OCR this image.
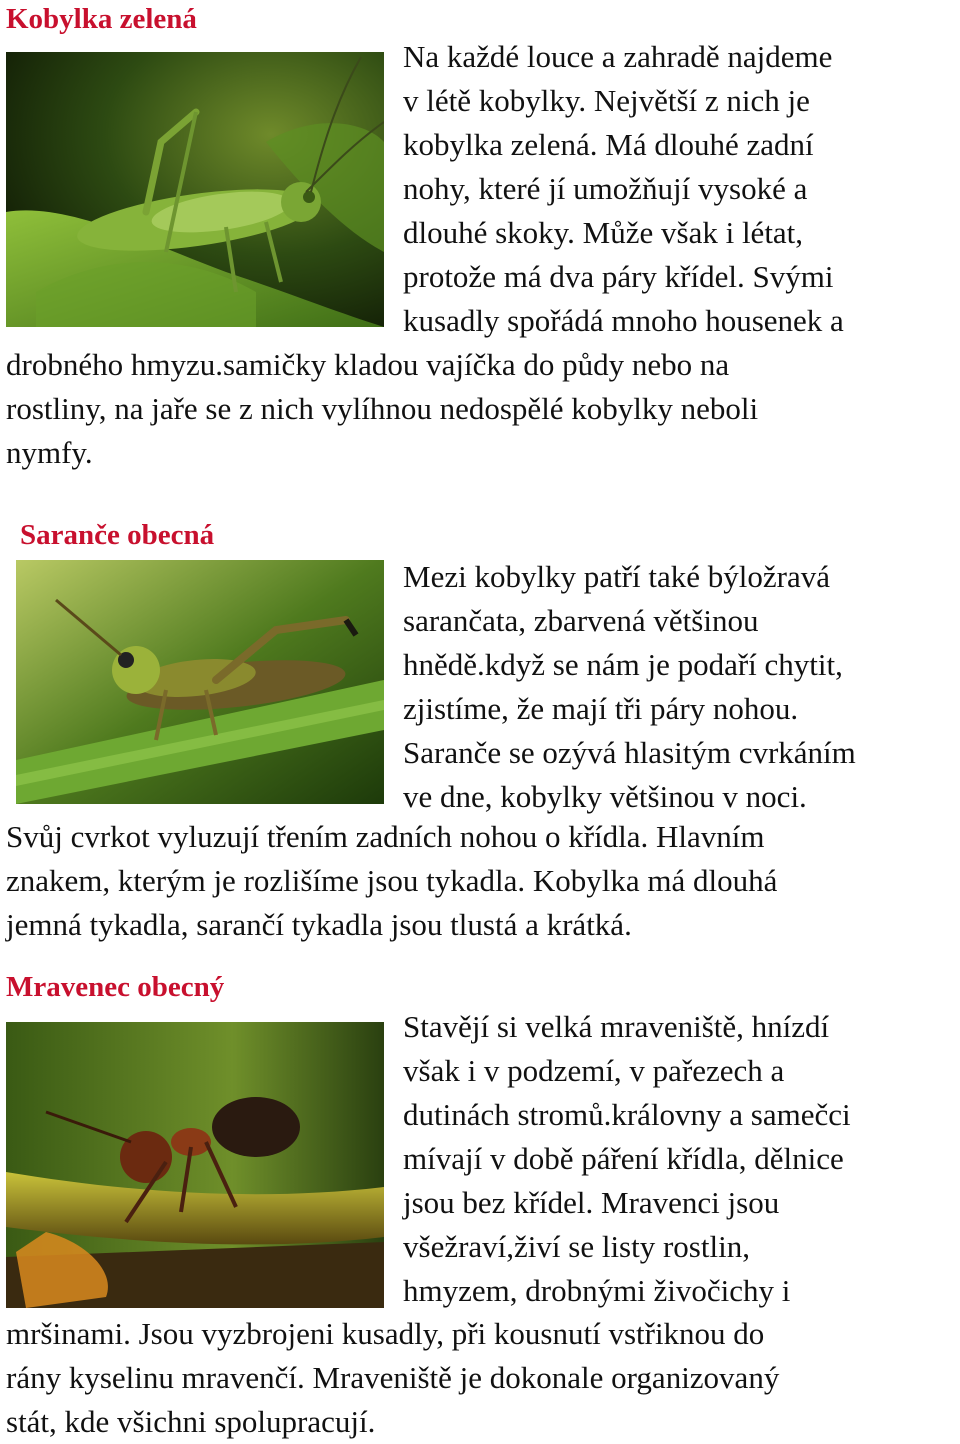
Kobylka zelená
Na každé louce a zahradě najdeme
v létě kobylky. Největší z nich je
kobylka zelená. Má dlouhé zadní
nohy, které jí umožňují vysoké a
dlouhé skoky. Může však i létat,
protože má dva páry křídel. Svými
kusadly spořádá mnoho housenek a
drobného hmyzu.samičky kladou vajíčka do půdy nebo na
rostliny, na jaře se z nich vylíhnou nedospělé kobylky neboli
nymfy.
Saranče obecná
Mezi kobylky patří také býložravá
sarančata, zbarvená většinou
hnědě.když se nám je podaří chytit,
zjistíme, že mají tři páry nohou.
Saranče se ozývá hlasitým cvrkáním
ve dne, kobylky většinou v noci.
Svůj cvrkot vyluzují třením zadních nohou o křídla. Hlavním
znakem, kterým je rozlišíme jsou tykadla. Kobylka má dlouhá
jemná tykadla, sarančí tykadla jsou tlustá a krátká.
Mravenec obecný
Stavějí si velká mraveniště, hnízdí
však i v podzemí, v pařezech a
dutinách stromů.královny a samečci
mívají v době páření křídla, dělnice
jsou bez křídel. Mravenci jsou
všežraví,živí se listy rostlin,
hmyzem, drobnými živočichy i
mršinami. Jsou vyzbrojeni kusadly, při kousnutí vstřiknou do
rány kyselinu mravenčí. Mraveniště je dokonale organizovaný
stát, kde všichni spolupracují.
